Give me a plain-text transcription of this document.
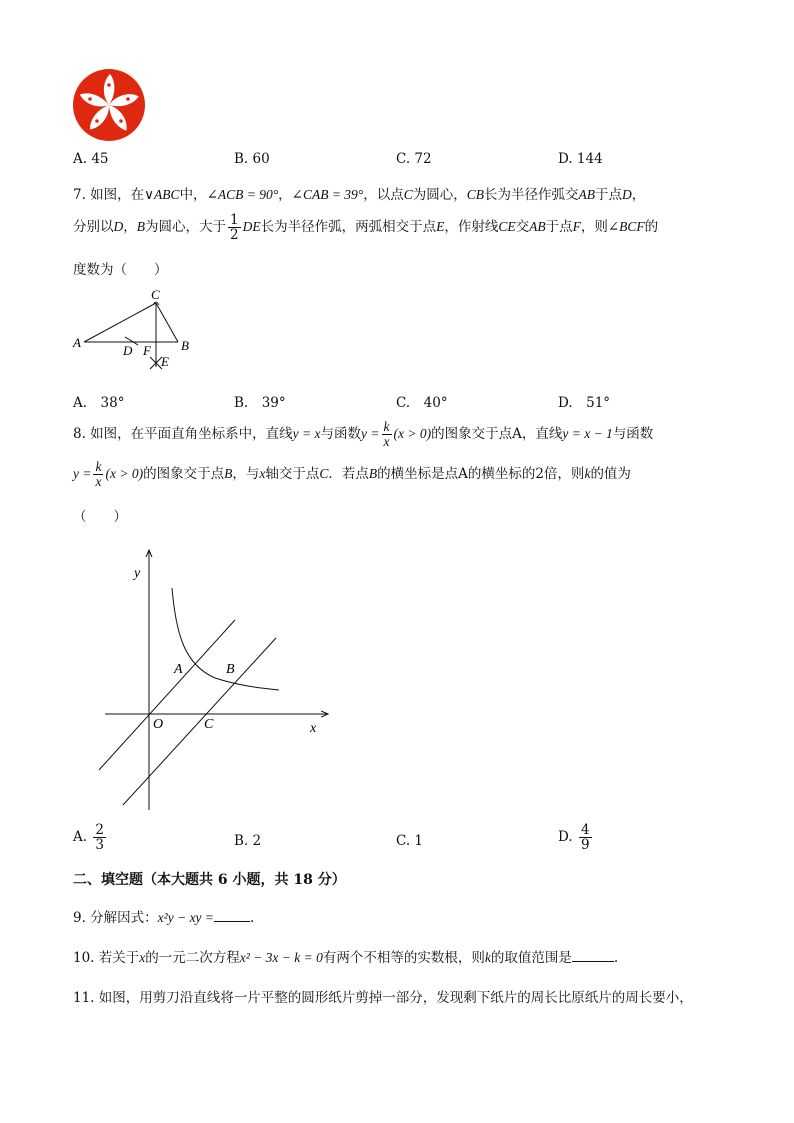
A. 45	B. 60	C. 72	D. 144
7. 如图，在∨ABC中，∠ACB = 90°，∠CAB = 39°，以点C为圆心，CB长为半径作弧交AB于点D，
分别以D，B为圆心，大于 $\frac{1}{2}$ DE长为半径作弧，两弧相交于点E，作射线CE交AB于点F，则∠BCF的
度数为（　　）
C
A	B
D F
E
A.　38°	B.　39°	C.　40°	D.　51°
8. 如图，在平面直角坐标系中，直线y = x与函数$y = \frac{k}{x} (x > 0)$的图象交于点A，直线y = x − 1与函数
$y = \frac{k}{x} (x > 0)$的图象交于点B，与x轴交于点C．若点B的横坐标是点A的横坐标的2倍，则k的值为
（　　）
y
x
O
A	B
C
A. $\frac{2}{3}$	B. 2	C. 1	D. $\frac{4}{9}$
二、填空题（本大题共 6 小题，共 18 分）
9. 分解因式：x²y − xy =	.
10. 若关于x的一元二次方程x² − 3x − k = 0有两个不相等的实数根，则k的取值范围是	.
11. 如图，用剪刀沿直线将一片平整的圆形纸片剪掉一部分，发现剩下纸片的周长比原纸片的周长要小，
